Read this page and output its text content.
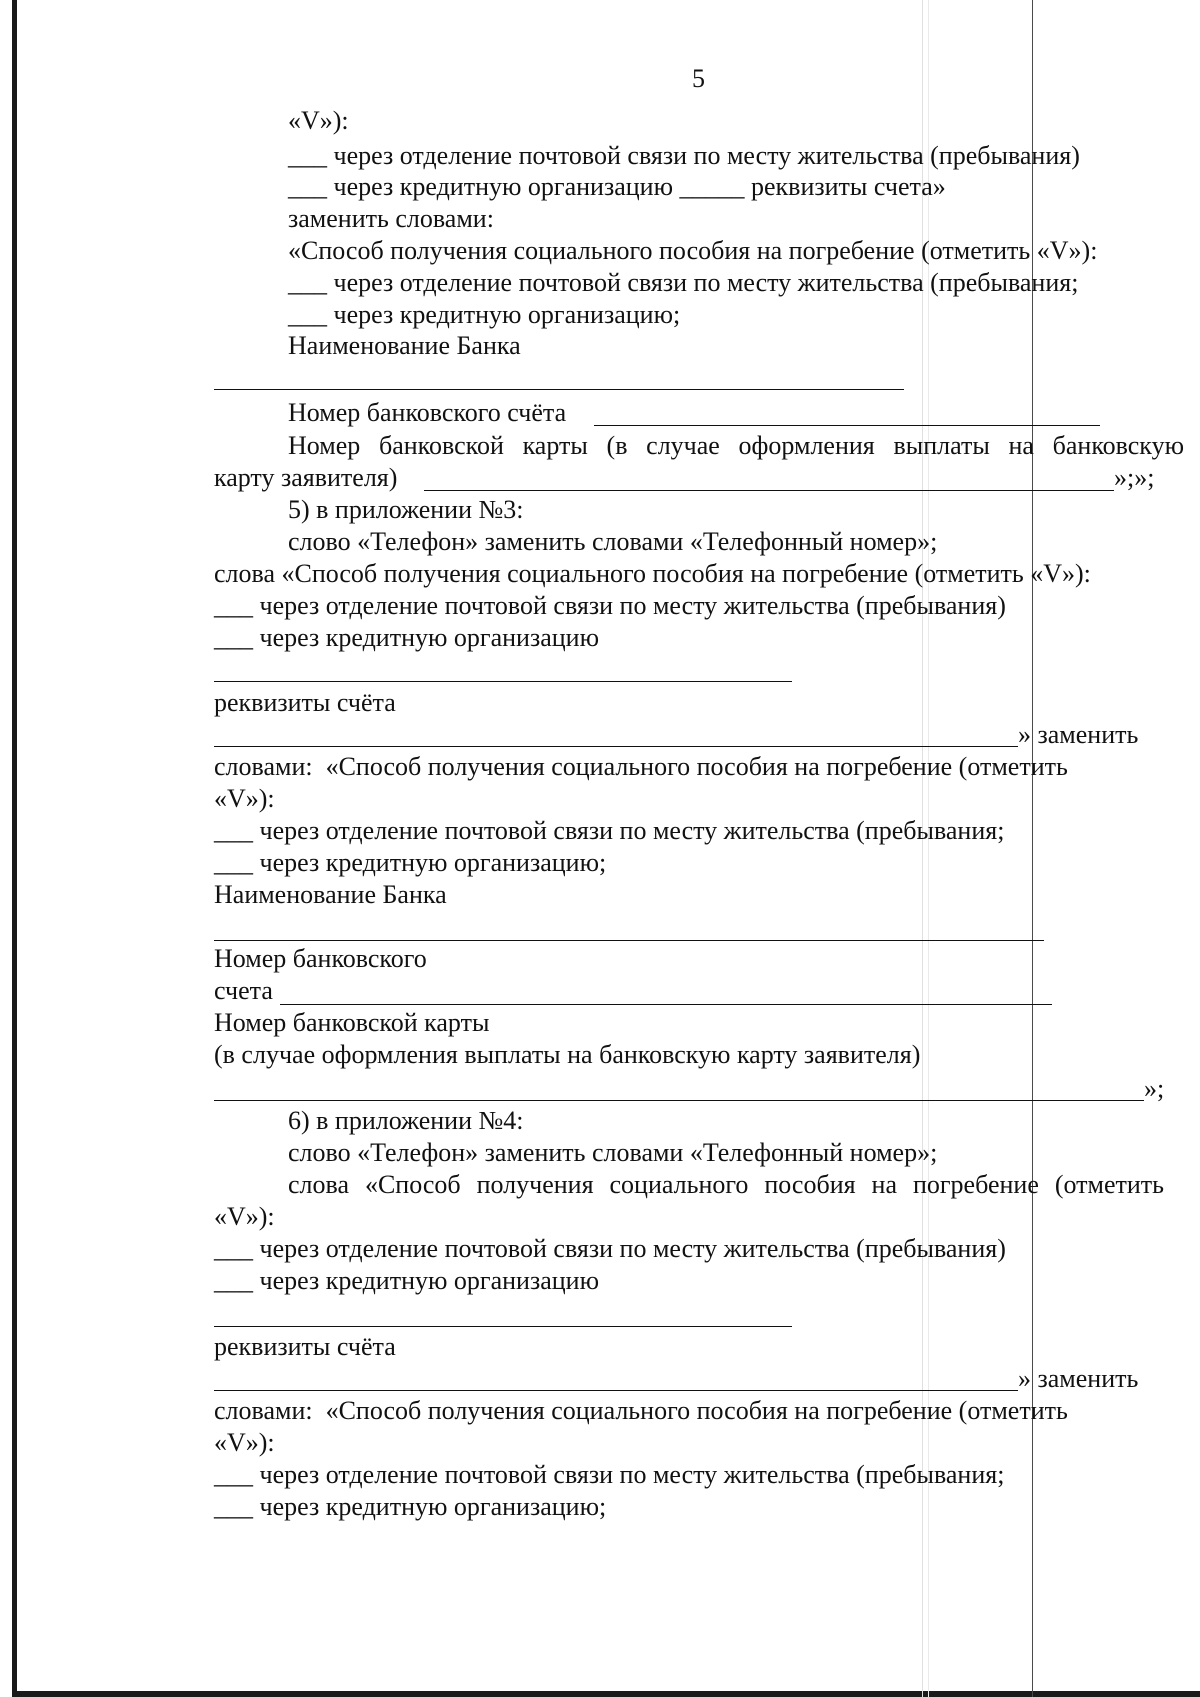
5
«V»):
___ через отделение почтовой связи по месту жительства (пребывания)
___ через кредитную организацию _____ реквизиты счета»
заменить словами:
«Способ получения социального пособия на погребение (отметить «V»):
___ через отделение почтовой связи по месту жительства (пребывания;
___ через кредитную организацию;
Наименование Банка
Номер банковского счёта
Номер банковской карты (в случае оформления выплаты на банковскую
карту заявителя)	»;»;
5) в приложении №3:
слово «Телефон» заменить словами «Телефонный номер»;
слова «Способ получения социального пособия на погребение (отметить «V»):
___ через отделение почтовой связи по месту жительства (пребывания)
___ через кредитную организацию
реквизиты счёта
» заменить
словами:  «Способ получения социального пособия на погребение (отметить
«V»):
___ через отделение почтовой связи по месту жительства (пребывания;
___ через кредитную организацию;
Наименование Банка
Номер банковского
счета
Номер банковской карты
(в случае оформления выплаты на банковскую карту заявителя)
»;
6) в приложении №4:
слово «Телефон» заменить словами «Телефонный номер»;
слова «Способ получения социального пособия на погребение (отметить
«V»):
___ через отделение почтовой связи по месту жительства (пребывания)
___ через кредитную организацию
реквизиты счёта
» заменить
словами:  «Способ получения социального пособия на погребение (отметить
«V»):
___ через отделение почтовой связи по месту жительства (пребывания;
___ через кредитную организацию;
